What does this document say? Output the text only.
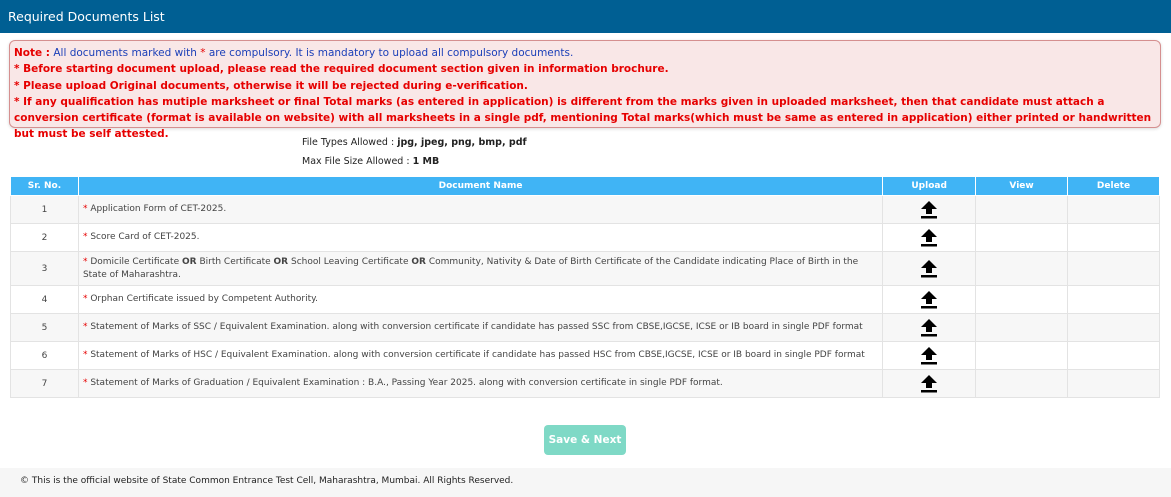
Required Documents List

Note : All documents marked with * are compulsory. It is mandatory to upload all compulsory documents.

* Before starting document upload, please read the required document section given in information brochure.

* Please upload Original documents, otherwise it will be rejected during e-verification.

* If any qualification has mutiple marksheet or final Total marks (as entered in application) is different from the marks given in uploaded marksheet, then that candidate must attach a conversion certificate (format is available on website) with all marksheets in a single pdf, mentioning Total marks(which must be same as entered in application) either printed or handwritten but must be self attested.

File Types Allowed : jpg, jpeg, png, bmp, pdf
Max File Size Allowed : 1 MB
Sr. No.	Document Name	Upload	View	Delete
1	* Application Form of CET-2025.			
2	* Score Card of CET-2025.			
3	* Domicile Certificate OR Birth Certificate OR School Leaving Certificate OR Community, Nativity & Date of Birth Certificate of the Candidate indicating Place of Birth in the State of Maharashtra.			
4	* Orphan Certificate issued by Competent Authority.			
5	* Statement of Marks of SSC / Equivalent Examination. along with conversion certificate if candidate has passed SSC from CBSE,IGCSE, ICSE or IB board in single PDF format			
6	* Statement of Marks of HSC / Equivalent Examination. along with conversion certificate if candidate has passed HSC from CBSE,IGCSE, ICSE or IB board in single PDF format			
7	* Statement of Marks of Graduation / Equivalent Examination : B.A., Passing Year 2025. along with conversion certificate in single PDF format.			
Save & Next
© This is the official website of State Common Entrance Test Cell, Maharashtra, Mumbai. All Rights Reserved.
